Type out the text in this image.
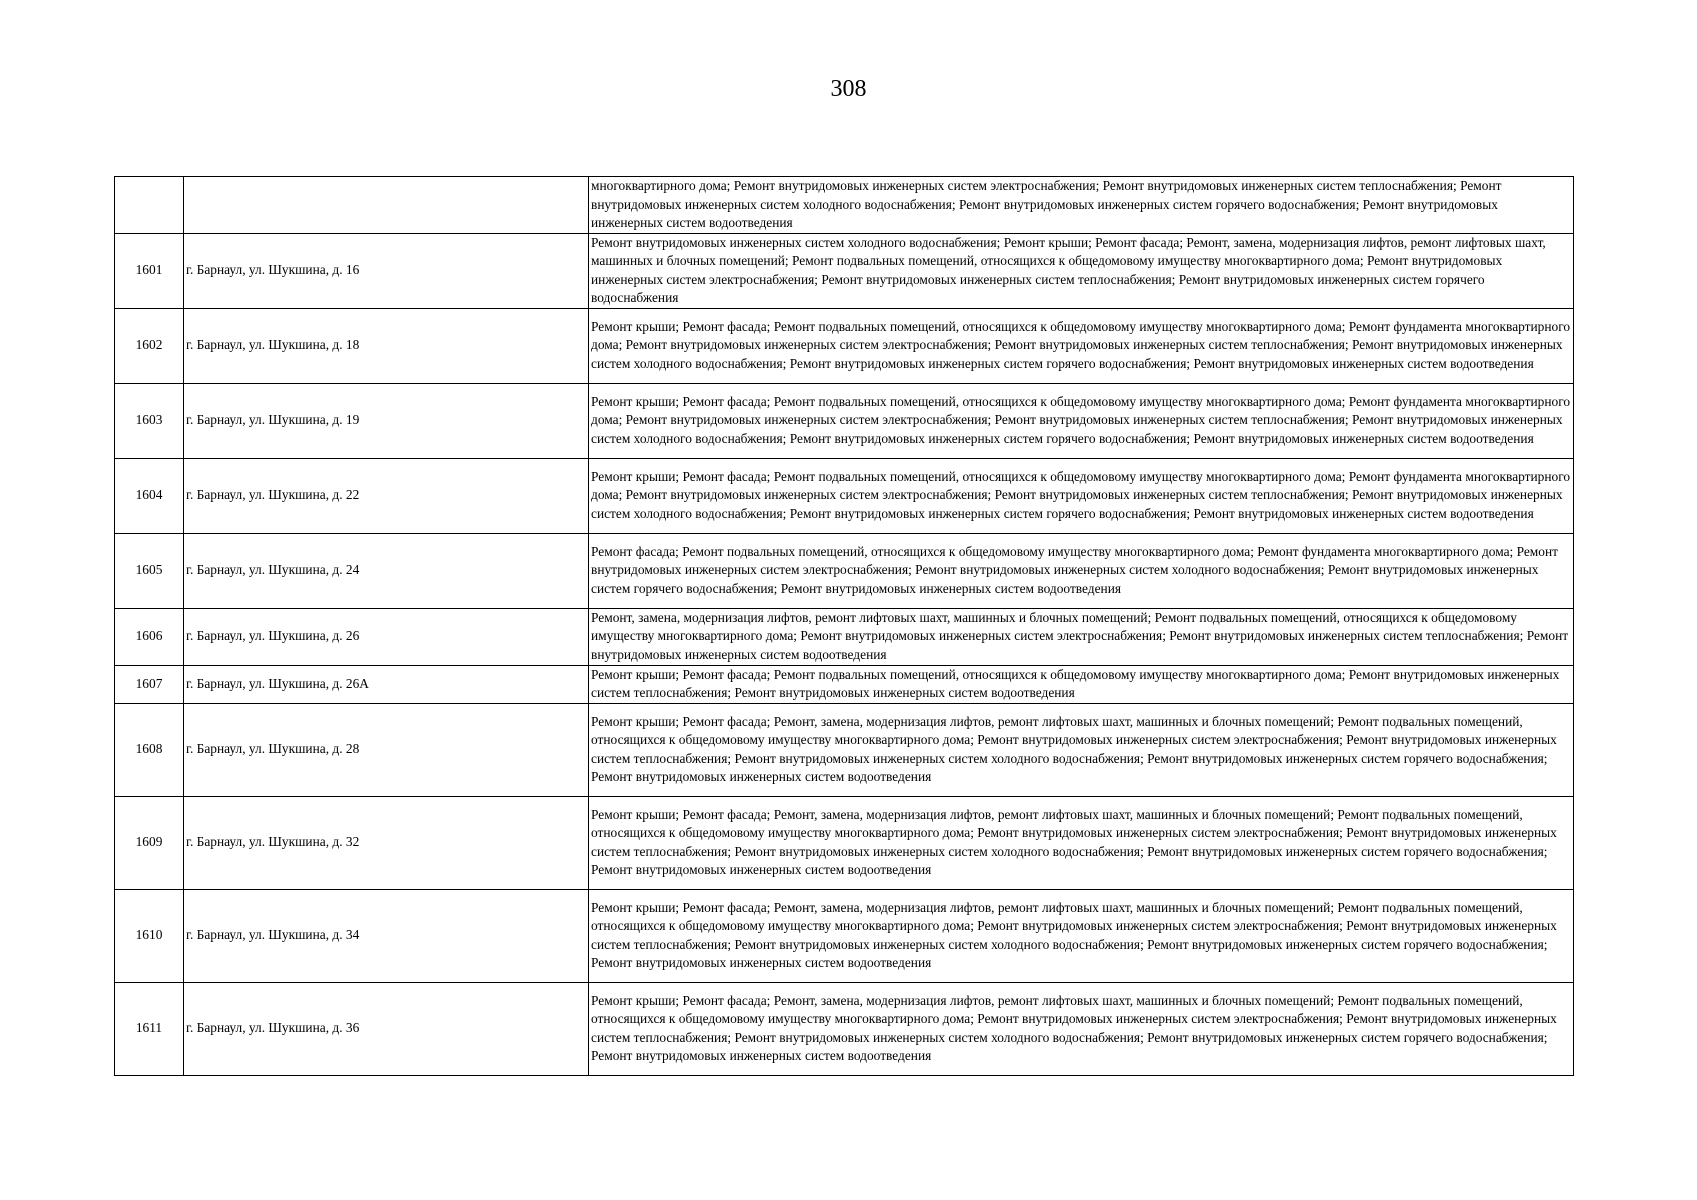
308
		многоквартирного дома; Ремонт внутридомовых инженерных систем электроснабжения; Ремонт внутридомовых инженерных систем теплоснабжения; Ремонт внутридомовых инженерных систем холодного водоснабжения; Ремонт внутридомовых инженерных систем горячего водоснабжения; Ремонт внутридомовых инженерных систем водоотведения
1601	г. Барнаул, ул. Шукшина, д. 16	Ремонт внутридомовых инженерных систем холодного водоснабжения; Ремонт крыши; Ремонт фасада; Ремонт, замена, модернизация лифтов, ремонт лифтовых шахт, машинных и блочных помещений; Ремонт подвальных помещений, относящихся к общедомовому имуществу многоквартирного дома; Ремонт внутридомовых инженерных систем электроснабжения; Ремонт внутридомовых инженерных систем теплоснабжения; Ремонт внутридомовых инженерных систем горячего водоснабжения
1602	г. Барнаул, ул. Шукшина, д. 18	Ремонт крыши; Ремонт фасада; Ремонт подвальных помещений, относящихся к общедомовому имуществу многоквартирного дома; Ремонт фундамента многоквартирного дома; Ремонт внутридомовых инженерных систем электроснабжения; Ремонт внутридомовых инженерных систем теплоснабжения; Ремонт внутридомовых инженерных систем холодного водоснабжения; Ремонт внутридомовых инженерных систем горячего водоснабжения; Ремонт внутридомовых инженерных систем водоотведения
1603	г. Барнаул, ул. Шукшина, д. 19	Ремонт крыши; Ремонт фасада; Ремонт подвальных помещений, относящихся к общедомовому имуществу многоквартирного дома; Ремонт фундамента многоквартирного дома; Ремонт внутридомовых инженерных систем электроснабжения; Ремонт внутридомовых инженерных систем теплоснабжения; Ремонт внутридомовых инженерных систем холодного водоснабжения; Ремонт внутридомовых инженерных систем горячего водоснабжения; Ремонт внутридомовых инженерных систем водоотведения
1604	г. Барнаул, ул. Шукшина, д. 22	Ремонт крыши; Ремонт фасада; Ремонт подвальных помещений, относящихся к общедомовому имуществу многоквартирного дома; Ремонт фундамента многоквартирного дома; Ремонт внутридомовых инженерных систем электроснабжения; Ремонт внутридомовых инженерных систем теплоснабжения; Ремонт внутридомовых инженерных систем холодного водоснабжения; Ремонт внутридомовых инженерных систем горячего водоснабжения; Ремонт внутридомовых инженерных систем водоотведения
1605	г. Барнаул, ул. Шукшина, д. 24	Ремонт фасада; Ремонт подвальных помещений, относящихся к общедомовому имуществу многоквартирного дома; Ремонт фундамента многоквартирного дома; Ремонт внутридомовых инженерных систем электроснабжения; Ремонт внутридомовых инженерных систем холодного водоснабжения; Ремонт внутридомовых инженерных систем горячего водоснабжения; Ремонт внутридомовых инженерных систем водоотведения
1606	г. Барнаул, ул. Шукшина, д. 26	Ремонт, замена, модернизация лифтов, ремонт лифтовых шахт, машинных и блочных помещений; Ремонт подвальных помещений, относящихся к общедомовому имуществу многоквартирного дома; Ремонт внутридомовых инженерных систем электроснабжения; Ремонт внутридомовых инженерных систем теплоснабжения; Ремонт внутридомовых инженерных систем водоотведения
1607	г. Барнаул, ул. Шукшина, д. 26А	Ремонт крыши; Ремонт фасада; Ремонт подвальных помещений, относящихся к общедомовому имуществу многоквартирного дома; Ремонт внутридомовых инженерных систем теплоснабжения; Ремонт внутридомовых инженерных систем водоотведения
1608	г. Барнаул, ул. Шукшина, д. 28	Ремонт крыши; Ремонт фасада; Ремонт, замена, модернизация лифтов, ремонт лифтовых шахт, машинных и блочных помещений; Ремонт подвальных помещений, относящихся к общедомовому имуществу многоквартирного дома; Ремонт внутридомовых инженерных систем электроснабжения; Ремонт внутридомовых инженерных систем теплоснабжения; Ремонт внутридомовых инженерных систем холодного водоснабжения; Ремонт внутридомовых инженерных систем горячего водоснабжения; Ремонт внутридомовых инженерных систем водоотведения
1609	г. Барнаул, ул. Шукшина, д. 32	Ремонт крыши; Ремонт фасада; Ремонт, замена, модернизация лифтов, ремонт лифтовых шахт, машинных и блочных помещений; Ремонт подвальных помещений, относящихся к общедомовому имуществу многоквартирного дома; Ремонт внутридомовых инженерных систем электроснабжения; Ремонт внутридомовых инженерных систем теплоснабжения; Ремонт внутридомовых инженерных систем холодного водоснабжения; Ремонт внутридомовых инженерных систем горячего водоснабжения; Ремонт внутридомовых инженерных систем водоотведения
1610	г. Барнаул, ул. Шукшина, д. 34	Ремонт крыши; Ремонт фасада; Ремонт, замена, модернизация лифтов, ремонт лифтовых шахт, машинных и блочных помещений; Ремонт подвальных помещений, относящихся к общедомовому имуществу многоквартирного дома; Ремонт внутридомовых инженерных систем электроснабжения; Ремонт внутридомовых инженерных систем теплоснабжения; Ремонт внутридомовых инженерных систем холодного водоснабжения; Ремонт внутридомовых инженерных систем горячего водоснабжения; Ремонт внутридомовых инженерных систем водоотведения
1611	г. Барнаул, ул. Шукшина, д. 36	Ремонт крыши; Ремонт фасада; Ремонт, замена, модернизация лифтов, ремонт лифтовых шахт, машинных и блочных помещений; Ремонт подвальных помещений, относящихся к общедомовому имуществу многоквартирного дома; Ремонт внутридомовых инженерных систем электроснабжения; Ремонт внутридомовых инженерных систем теплоснабжения; Ремонт внутридомовых инженерных систем холодного водоснабжения; Ремонт внутридомовых инженерных систем горячего водоснабжения; Ремонт внутридомовых инженерных систем водоотведения
